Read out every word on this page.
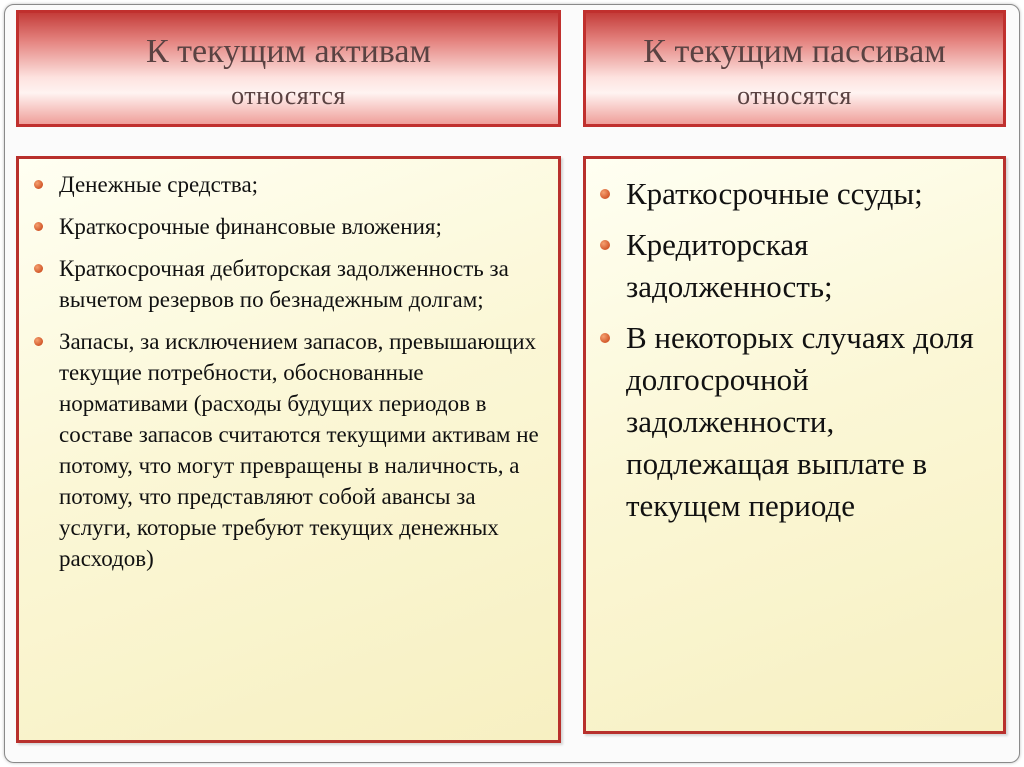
К текущим активам
относятся
К текущим пассивам
относятся
Денежные средства;
Краткосрочные финансовые вложения;
Краткосрочная дебиторская задолженность за вычетом резервов по безнадежным долгам;
Запасы, за исключением запасов, превышающих текущие потребности, обоснованные нормативами (расходы будущих периодов в составе запасов считаются текущими активам не потому, что могут превращены в наличность, а потому, что представляют собой авансы за услуги, которые требуют текущих денежных расходов)
Краткосрочные ссуды;
Кредиторская задолженность;
В некоторых случаях доля долгосрочной задолженности, подлежащая выплате в текущем периоде
